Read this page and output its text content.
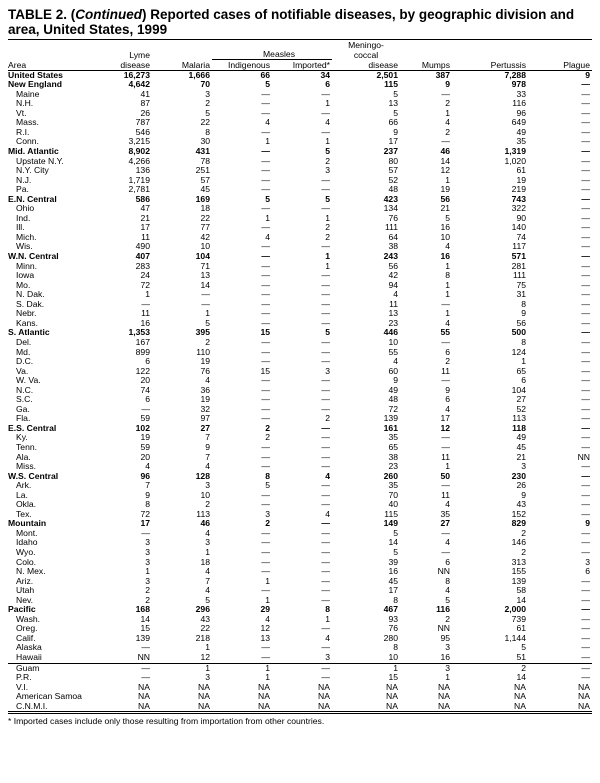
TABLE 2. (Continued) Reported cases of notifiable diseases, by geographic division and area, United States, 1999
					Meningo-			
	Lyme		Measles		coccal			
Area	disease	Malaria	Indigenous	Imported*	disease	Mumps	Pertussis	Plague
United States	16,273	1,666	66	34	2,501	387	7,288	9
New England	4,642	70	5	6	115	9	978	—
Maine	41	3	—	—	5	—	33	—
N.H.	87	2	—	1	13	2	116	—
Vt.	26	5	—	—	5	1	96	—
Mass.	787	22	4	4	66	4	649	—
R.I.	546	8	—	—	9	2	49	—
Conn.	3,215	30	1	1	17	—	35	—
Mid. Atlantic	8,902	431	—	5	237	46	1,319	—
Upstate N.Y.	4,266	78	—	2	80	14	1,020	—
N.Y. City	136	251	—	3	57	12	61	—
N.J.	1,719	57	—	—	52	1	19	—
Pa.	2,781	45	—	—	48	19	219	—
E.N. Central	586	169	5	5	423	56	743	—
Ohio	47	18	—	—	134	21	322	—
Ind.	21	22	1	1	76	5	90	—
Ill.	17	77	—	2	111	16	140	—
Mich.	11	42	4	2	64	10	74	—
Wis.	490	10	—	—	38	4	117	—
W.N. Central	407	104	—	1	243	16	571	—
Minn.	283	71	—	1	56	1	281	—
Iowa	24	13	—	—	42	8	111	—
Mo.	72	14	—	—	94	1	75	—
N. Dak.	1	—	—	—	4	1	31	—
S. Dak.	—	—	—	—	11	—	8	—
Nebr.	11	1	—	—	13	1	9	—
Kans.	16	5	—	—	23	4	56	—
S. Atlantic	1,353	395	15	5	446	55	500	—
Del.	167	2	—	—	10	—	8	—
Md.	899	110	—	—	55	6	124	—
D.C.	6	19	—	—	4	2	1	—
Va.	122	76	15	3	60	11	65	—
W. Va.	20	4	—	—	9	—	6	—
N.C.	74	36	—	—	49	9	104	—
S.C.	6	19	—	—	48	6	27	—
Ga.	—	32	—	—	72	4	52	—
Fla.	59	97	—	2	139	17	113	—
E.S. Central	102	27	2	—	161	12	118	—
Ky.	19	7	2	—	35	—	49	—
Tenn.	59	9	—	—	65	—	45	—
Ala.	20	7	—	—	38	11	21	NN
Miss.	4	4	—	—	23	1	3	—
W.S. Central	96	128	8	4	260	50	230	—
Ark.	7	3	5	—	35	—	26	—
La.	9	10	—	—	70	11	9	—
Okla.	8	2	—	—	40	4	43	—
Tex.	72	113	3	4	115	35	152	—
Mountain	17	46	2	—	149	27	829	9
Mont.	—	4	—	—	5	—	2	—
Idaho	3	3	—	—	14	4	146	—
Wyo.	3	1	—	—	5	—	2	—
Colo.	3	18	—	—	39	6	313	3
N. Mex.	1	4	—	—	16	NN	155	6
Ariz.	3	7	1	—	45	8	139	—
Utah	2	4	—	—	17	4	58	—
Nev.	2	5	1	—	8	5	14	—
Pacific	168	296	29	8	467	116	2,000	—
Wash.	14	43	4	1	93	2	739	—
Oreg.	15	22	12	—	76	NN	61	—
Calif.	139	218	13	4	280	95	1,144	—
Alaska	—	1	—	—	8	3	5	—
Hawaii	NN	12	—	3	10	16	51	—
Guam	—	1	1	—	1	3	2	—
P.R.	—	3	1	—	15	1	14	—
V.I.	NA	NA	NA	NA	NA	NA	NA	NA
American Samoa	NA	NA	NA	NA	NA	NA	NA	NA
C.N.M.I.	NA	NA	NA	NA	NA	NA	NA	NA
* Imported cases include only those resulting from importation from other countries.
